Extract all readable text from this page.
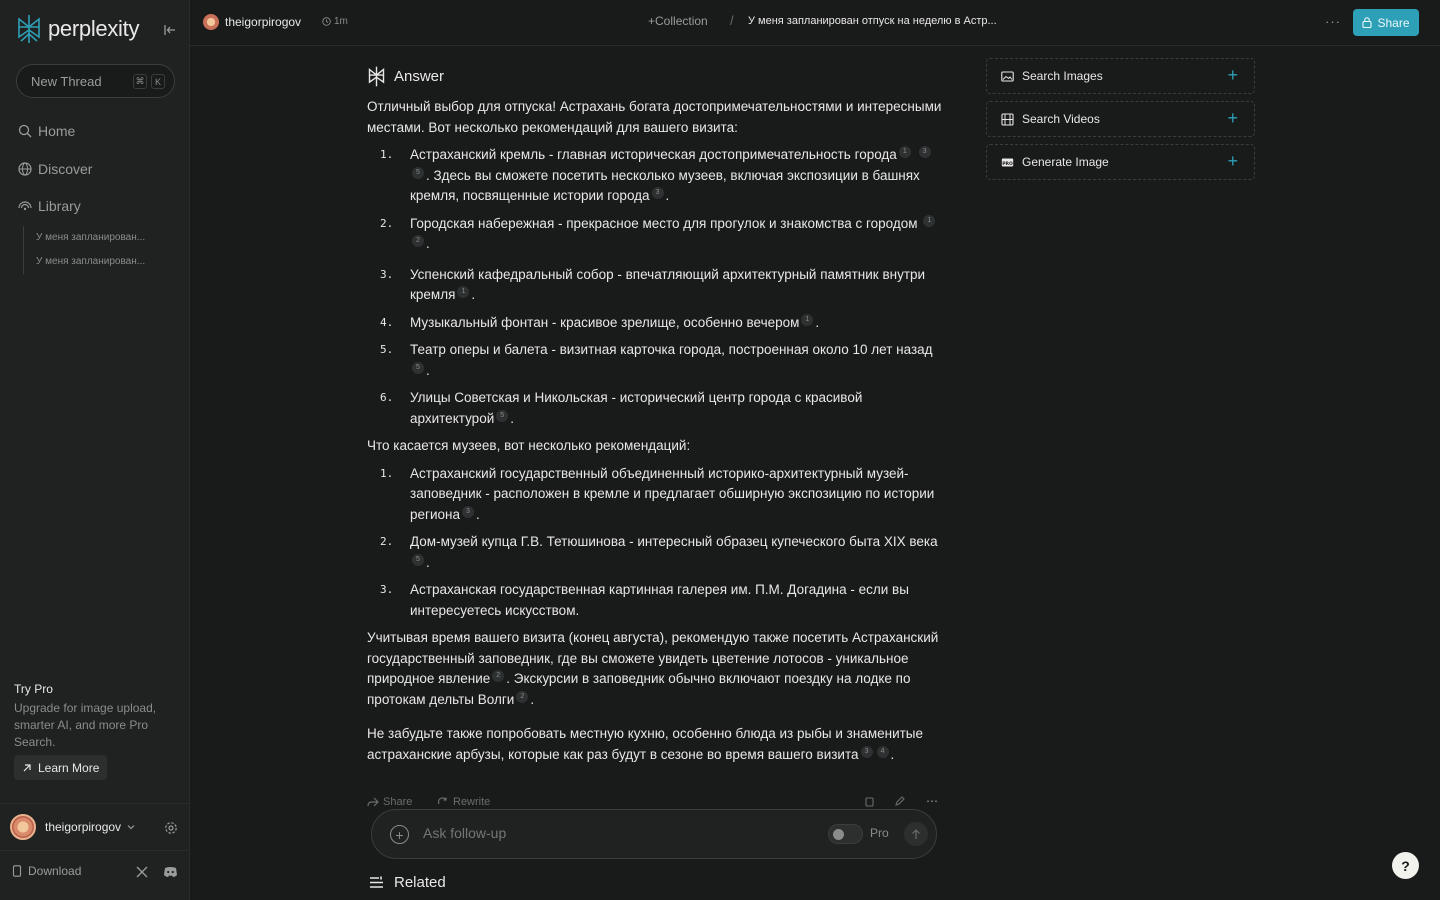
perplexity
New Thread	⌘	K
Home
Discover
Library
У меня запланирован...
У меня запланирован...
Try Pro
Upgrade for image upload, smarter AI, and more Pro Search.
Learn More
theigorpirogov
Download
theigorpirogov	1m	+Collection / У меня запланирован отпуск на неделю в Астр...	···	Share
Answer

Отличный выбор для отпуска! Астрахань богата достопримечательностями и интересными местами. Вот несколько рекомендаций для вашего визита:

1. Астраханский кремль - главная историческая достопримечательность города 1 35 . Здесь вы сможете посетить несколько музеев, включая экспозиции в башнях кремля, посвященные истории города 3 .
2. Городская набережная - прекрасное место для прогулок и знакомства с городом 12 .
3. Успенский кафедральный собор - впечатляющий архитектурный памятник внутри кремля 1 .
4. Музыкальный фонтан - красивое зрелище, особенно вечером 1 .
5. Театр оперы и балета - визитная карточка города, построенная около 10 лет назад5 .
6. Улицы Советская и Никольская - исторический центр города с красивой архитектурой 5 .

Что касается музеев, вот несколько рекомендаций:

1. Астраханский государственный объединенный историко-архитектурный музей-заповедник - расположен в кремле и предлагает обширную экспозицию по истории региона 3 .
2. Дом-музей купца Г.В. Тетюшинова - интересный образец купеческого быта XIX века5 .
3. Астраханская государственная картинная галерея им. П.М. Догадина - если вы интересуетесь искусством.

Учитывая время вашего визита (конец августа), рекомендую также посетить Астраханский государственный заповедник, где вы сможете увидеть цветение лотосов - уникальное природное явление 2 . Экскурсии в заповедник обычно включают поездку на лодке по протокам дельты Волги 2 .

Не забудьте также попробовать местную кухню, особенно блюда из рыбы и знаменитые астраханские арбузы, которые как раз будут в сезоне во время вашего визита 3 4 .

Share	Rewrite	⋯
+
Ask follow-up	Pro
Related
Search Images	+
Search Videos	+
PRO Generate Image	+
?
